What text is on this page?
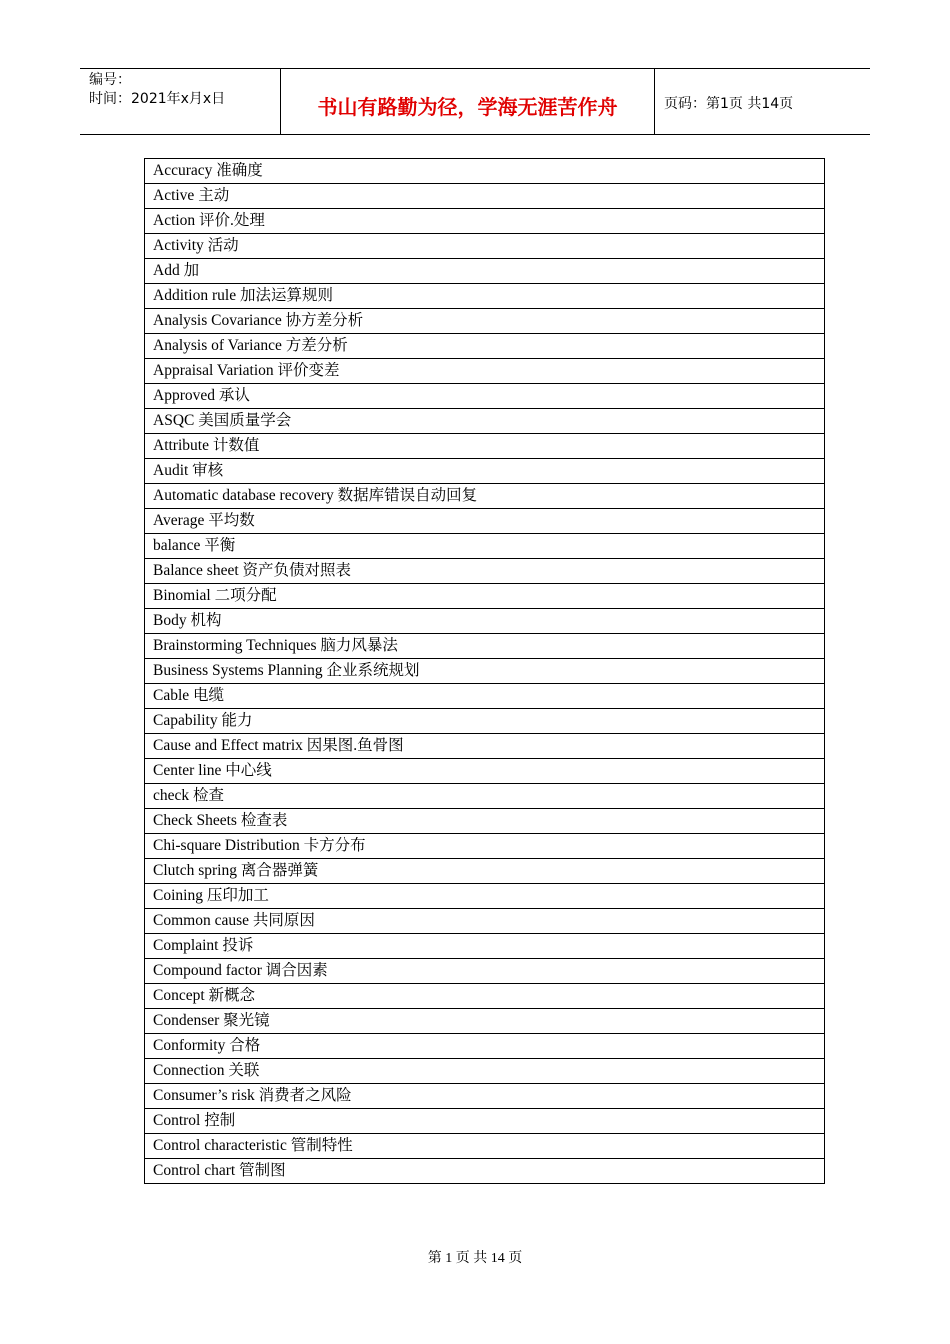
编号：
时间：2021年x月x日	书山有路勤为径，学海无涯苦作舟	页码：第1页 共14页
Accuracy 准确度
Active 主动
Action 评价.处理
Activity 活动
Add 加
Addition rule 加法运算规则
Analysis Covariance 协方差分析
Analysis of Variance 方差分析
Appraisal Variation 评价变差
Approved 承认
ASQC 美国质量学会
Attribute 计数值
Audit 审核
Automatic database recovery 数据库错误自动回复
Average 平均数
balance 平衡
Balance sheet 资产负债对照表
Binomial 二项分配
Body 机构
Brainstorming Techniques 脑力风暴法
Business Systems Planning 企业系统规划
Cable 电缆
Capability 能力
Cause and Effect matrix 因果图.鱼骨图
Center line 中心线
check 检查
Check Sheets 检查表
Chi-square Distribution 卡方分布
Clutch spring 离合器弹簧
Coining 压印加工
Common cause 共同原因
Complaint 投诉
Compound factor 调合因素
Concept 新概念
Condenser 聚光镜
Conformity 合格
Connection 关联
Consumer’s risk 消费者之风险
Control 控制
Control characteristic 管制特性
Control chart 管制图
第 1 页 共 14 页
